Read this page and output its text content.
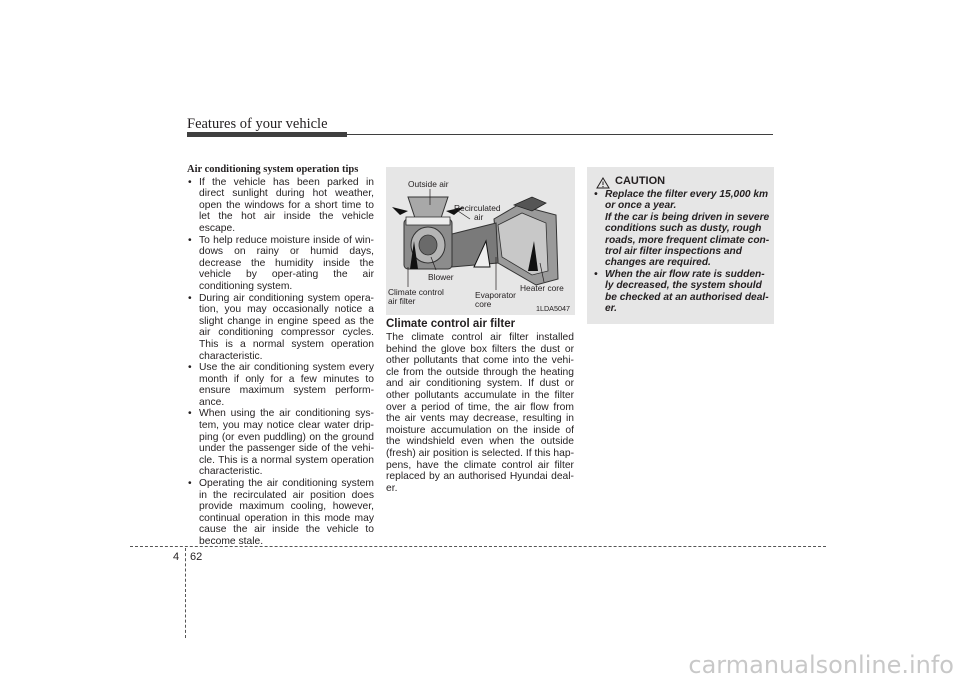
Features of your vehicle
Air conditioning system operation tips
• If the vehicle has been parked in direct sunlight during hot weather, open the windows for a short time to let the hot air inside the vehicle escape.
• To help reduce moisture inside of win-dows on rainy or humid days, decrease the humidity inside the vehicle by oper-ating the air conditioning system.
• During air conditioning system opera-tion, you may occasionally notice a slight change in engine speed as the air conditioning compressor cycles. This is a normal system operation characteristic.
• Use the air conditioning system every month if only for a few minutes to ensure maximum system perform-ance.
• When using the air conditioning sys-tem, you may notice clear water drip-ping (or even puddling) on the ground under the passenger side of the vehi-cle. This is a normal system operation characteristic.
• Operating the air conditioning system in the recirculated air position does provide maximum cooling, however, continual operation in this mode may cause the air inside the vehicle to become stale.
Outside air
Recirculated
air
Blower
Climate control
air filter
Evaporator
core
Heater core
1LDA5047
Climate control air filter
The climate control air filter installed behind the glove box filters the dust or other pollutants that come into the vehi-cle from the outside through the heating and air conditioning system. If dust or other pollutants accumulate in the filter over a period of time, the air flow from the air vents may decrease, resulting in moisture accumulation on the inside of the windshield even when the outside (fresh) air position is selected. If this hap-pens, have the climate control air filter replaced by an authorised Hyundai deal-er.
CAUTION

• Replace the filter every 15,000 km or once a year.

If the car is being driven in severe conditions such as dusty, rough roads, more frequent climate con-trol air filter inspections and changes are required.

• When the air flow rate is sudden-ly decreased, the system should be checked at an authorised deal-er.

4 62
carmanualsonline.info
